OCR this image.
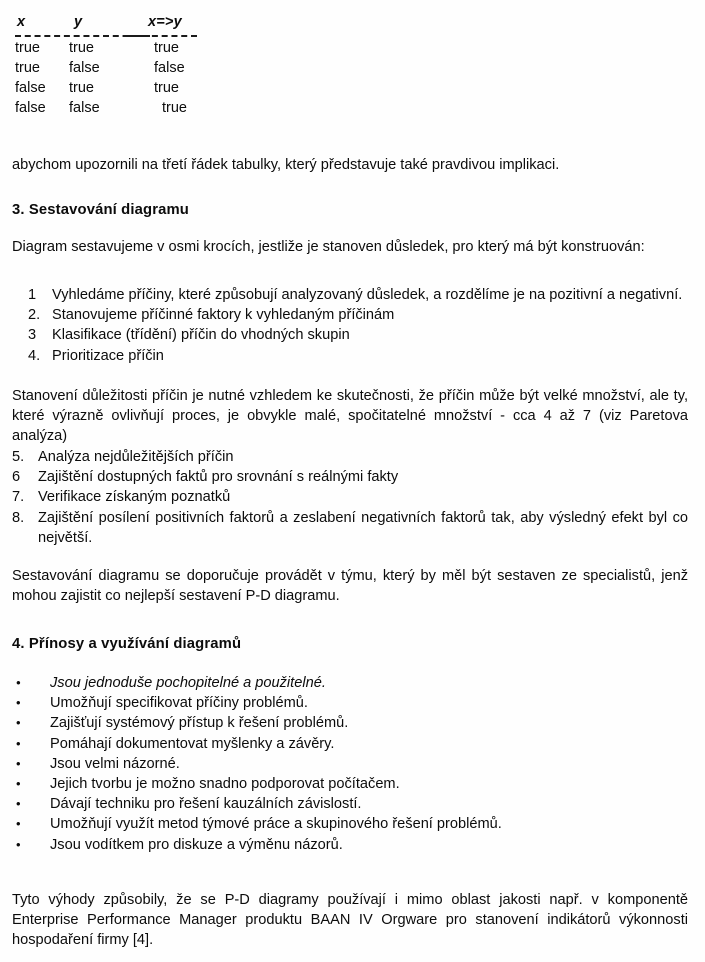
x	y	x=>y
true true	true
true false	false
false true	true
false false	true
abychom upozornili na třetí řádek tabulky, který představuje také pravdivou implikaci.
3. Sestavování diagramu
Diagram sestavujeme v osmi krocích, jestliže je stanoven důsledek, pro který má být konstruován:
1 Vyhledáme příčiny, které způsobují analyzovaný důsledek, a rozdělíme je na pozitivní a negativní.
2. Stanovujeme příčinné faktory k vyhledaným příčinám
3 Klasifikace (třídění) příčin do vhodných skupin
4. Prioritizace příčin
Stanovení důležitosti příčin je nutné vzhledem ke skutečnosti, že příčin může být velké množství, ale ty, které výrazně ovlivňují proces, je obvykle malé, spočitatelné množství - cca 4 až 7 (viz Paretova analýza)
5. Analýza nejdůležitějších příčin
6 Zajištění dostupných faktů pro srovnání s reálnými fakty
7. Verifikace získaným poznatků
8. Zajištění posílení positivních faktorů a zeslabení negativních faktorů tak, aby výsledný efekt byl co největší.
Sestavování diagramu se doporučuje provádět v týmu, který by měl být sestaven ze specialistů, jenž mohou zajistit co nejlepší sestavení P-D diagramu.
4. Přínosy a využívání diagramů
• Jsou jednoduše pochopitelné a použitelné.
• Umožňují specifikovat příčiny problémů.
• Zajišťují systémový přístup k řešení problémů.
• Pomáhají dokumentovat myšlenky a závěry.
• Jsou velmi názorné.
• Jejich tvorbu je možno snadno podporovat počítačem.
• Dávají techniku pro řešení kauzálních závislostí.
• Umožňují využít metod týmové práce a skupinového řešení problémů.
• Jsou vodítkem pro diskuze a výměnu názorů.
Tyto výhody způsobily, že se P-D diagramy používají i mimo oblast jakosti např. v komponentě Enterprise Performance Manager produktu BAAN IV Orgware pro stanovení indikátorů výkonnosti hospodaření firmy [4].
